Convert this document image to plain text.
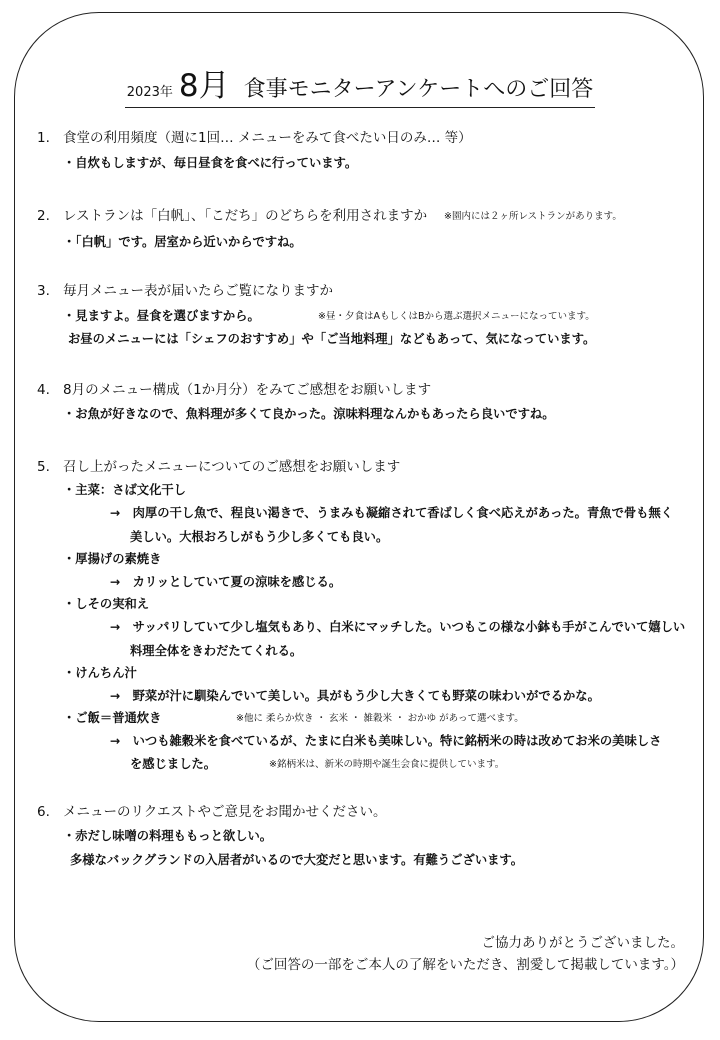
2023年 8月 食事モニターアンケートへのご回答
1. 食堂の利用頻度（週に1回… メニューをみて食べたい日のみ… 等）
・自炊もしますが、毎日昼食を食べに行っています。
2. レストランは「白帆」、「こだち」のどちらを利用されますか ※園内には２ヶ所レストランがあります。
・「白帆」です。居室から近いからですね。
3. 毎月メニュー表が届いたらご覧になりますか
・見ますよ。昼食を選びますから。	※昼・夕食はAもしくはBから選ぶ選択メニューになっています。
お昼のメニューには「シェフのおすすめ」や「ご当地料理」などもあって、気になっています。
4. 8月のメニュー構成（1か月分）をみてご感想をお願いします
・お魚が好きなので、魚料理が多くて良かった。涼味料理なんかもあったら良いですね。
5. 召し上がったメニューについてのご感想をお願いします
・主菜：さば文化干し
→　肉厚の干し魚で、程良い渇きで、うまみも凝縮されて香ばしく食べ応えがあった。青魚で骨も無く
美しい。大根おろしがもう少し多くても良い。
・厚揚げの素焼き
→　カリッとしていて夏の涼味を感じる。
・しその実和え
→　サッパリしていて少し塩気もあり、白米にマッチした。いつもこの様な小鉢も手がこんでいて嬉しい
料理全体をきわだたてくれる。
・けんちん汁
→　野菜が汁に馴染んでいて美しい。具がもう少し大きくても野菜の味わいがでるかな。
・ご飯＝普通炊き	※他に 柔らか炊き ・ 玄米 ・ 雑穀米 ・ おかゆ があって選べます。
→　いつも雑穀米を食べているが、たまに白米も美味しい。特に銘柄米の時は改めてお米の美味しさ
を感じました。	※銘柄米は、新米の時期や誕生会食に提供しています。
6. メニューのリクエストやご意見をお聞かせください。
・赤だし味噌の料理ももっと欲しい。
多様なバックグランドの入居者がいるので大変だと思います。有難うございます。
ご協力ありがとうございました。
（ご回答の一部をご本人の了解をいただき、割愛して掲載しています。）
